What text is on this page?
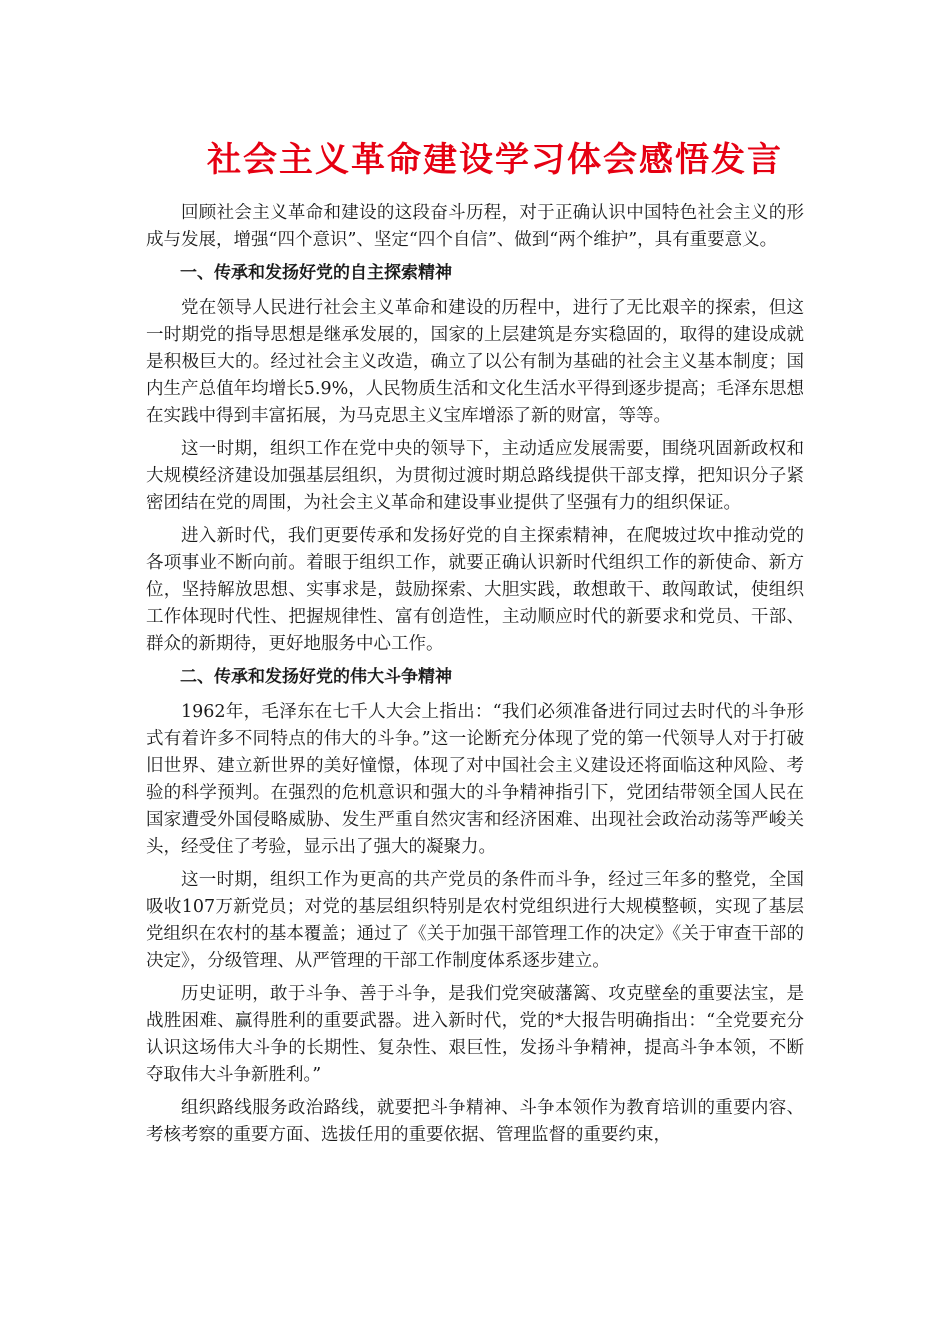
社会主义革命建设学习体会感悟发言

回顾社会主义革命和建设的这段奋斗历程，对于正确认识中国特色社会主义的形成与发展，增强“四个意识”、坚定“四个自信”、做到“两个维护”，具有重要意义。

一、传承和发扬好党的自主探索精神

党在领导人民进行社会主义革命和建设的历程中，进行了无比艰辛的探索，但这一时期党的指导思想是继承发展的，国家的上层建筑是夯实稳固的，取得的建设成就是积极巨大的。经过社会主义改造，确立了以公有制为基础的社会主义基本制度；国内生产总值年均增长5.9%，人民物质生活和文化生活水平得到逐步提高；毛泽东思想在实践中得到丰富拓展，为马克思主义宝库增添了新的财富，等等。

这一时期，组织工作在党中央的领导下，主动适应发展需要，围绕巩固新政权和大规模经济建设加强基层组织，为贯彻过渡时期总路线提供干部支撑，把知识分子紧密团结在党的周围，为社会主义革命和建设事业提供了坚强有力的组织保证。

进入新时代，我们更要传承和发扬好党的自主探索精神，在爬坡过坎中推动党的各项事业不断向前。着眼于组织工作，就要正确认识新时代组织工作的新使命、新方位，坚持解放思想、实事求是，鼓励探索、大胆实践，敢想敢干、敢闯敢试，使组织工作体现时代性、把握规律性、富有创造性，主动顺应时代的新要求和党员、干部、群众的新期待，更好地服务中心工作。

二、传承和发扬好党的伟大斗争精神

1962年，毛泽东在七千人大会上指出：“我们必须准备进行同过去时代的斗争形式有着许多不同特点的伟大的斗争。”这一论断充分体现了党的第一代领导人对于打破旧世界、建立新世界的美好憧憬，体现了对中国社会主义建设还将面临这种风险、考验的科学预判。在强烈的危机意识和强大的斗争精神指引下，党团结带领全国人民在国家遭受外国侵略威胁、发生严重自然灾害和经济困难、出现社会政治动荡等严峻关头，经受住了考验，显示出了强大的凝聚力。

这一时期，组织工作为更高的共产党员的条件而斗争，经过三年多的整党，全国吸收107万新党员；对党的基层组织特别是农村党组织进行大规模整顿，实现了基层党组织在农村的基本覆盖；通过了《关于加强干部管理工作的决定》《关于审查干部的决定》，分级管理、从严管理的干部工作制度体系逐步建立。

历史证明，敢于斗争、善于斗争，是我们党突破藩篱、攻克壁垒的重要法宝，是战胜困难、赢得胜利的重要武器。进入新时代，党的*大报告明确指出：“全党要充分认识这场伟大斗争的长期性、复杂性、艰巨性，发扬斗争精神，提高斗争本领，不断夺取伟大斗争新胜利。”

组织路线服务政治路线，就要把斗争精神、斗争本领作为教育培训的重要内容、考核考察的重要方面、选拔任用的重要依据、管理监督的重要约束，
